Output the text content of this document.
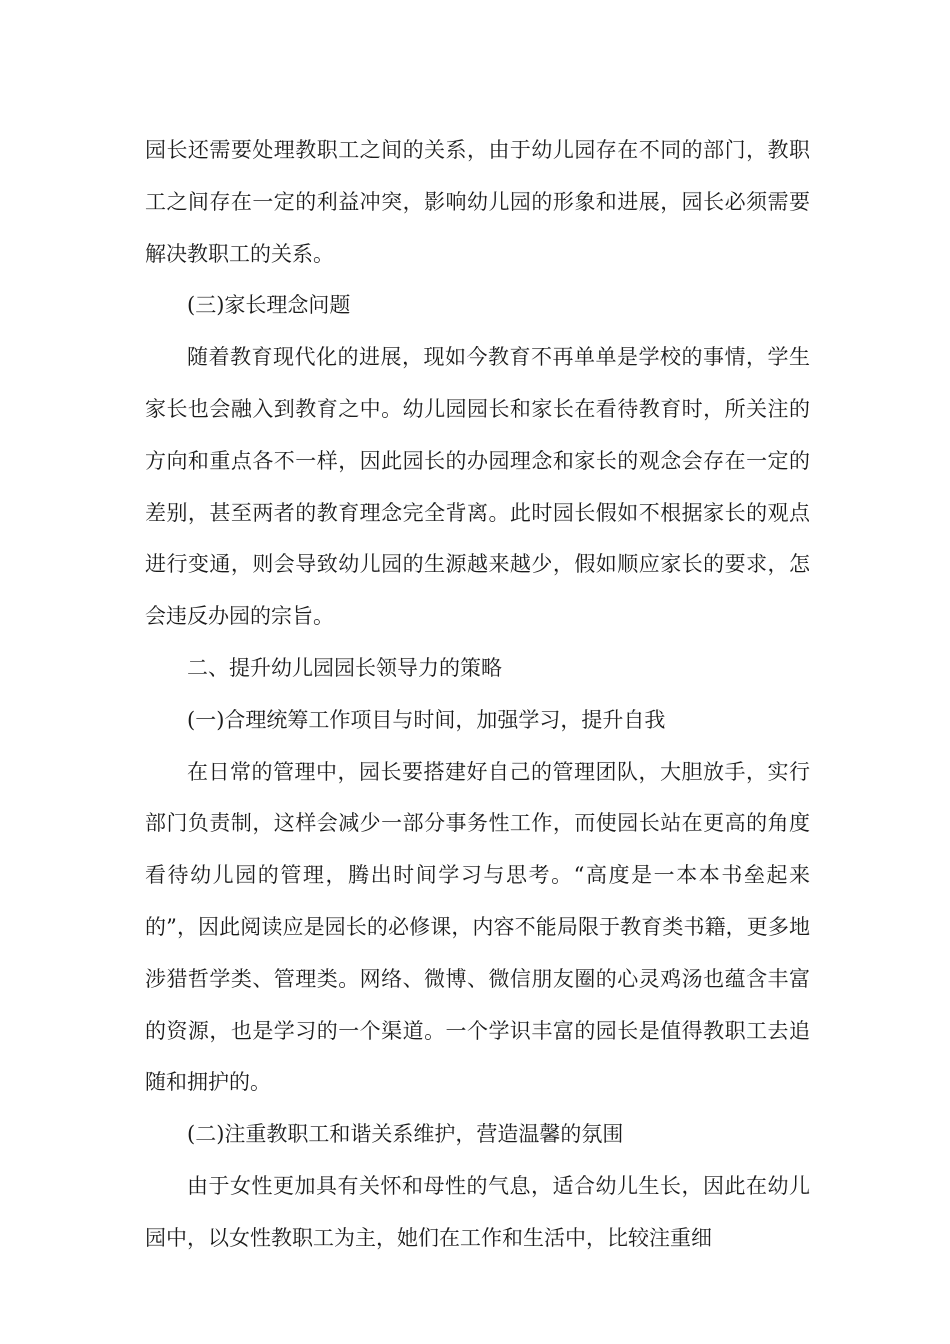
园长还需要处理教职工之间的关系，由于幼儿园存在不同的部门，教职工之间存在一定的利益冲突，影响幼儿园的形象和进展，园长必须需要解决教职工的关系。

(三)家长理念问题

随着教育现代化的进展，现如今教育不再单单是学校的事情，学生家长也会融入到教育之中。幼儿园园长和家长在看待教育时，所关注的方向和重点各不一样，因此园长的办园理念和家长的观念会存在一定的差别，甚至两者的教育理念完全背离。此时园长假如不根据家长的观点进行变通，则会导致幼儿园的生源越来越少，假如顺应家长的要求，怎会违反办园的宗旨。

二、提升幼儿园园长领导力的策略

(一)合理统筹工作项目与时间，加强学习，提升自我

在日常的管理中，园长要搭建好自己的管理团队，大胆放手，实行部门负责制，这样会减少一部分事务性工作，而使园长站在更高的角度看待幼儿园的管理，腾出时间学习与思考。“高度是一本本书垒起来的”，因此阅读应是园长的必修课，内容不能局限于教育类书籍，更多地涉猎哲学类、管理类。网络、微博、微信朋友圈的心灵鸡汤也蕴含丰富的资源，也是学习的一个渠道。一个学识丰富的园长是值得教职工去追随和拥护的。

(二)注重教职工和谐关系维护，营造温馨的氛围

由于女性更加具有关怀和母性的气息，适合幼儿生长，因此在幼儿园中，以女性教职工为主，她们在工作和生活中，比较注重细
